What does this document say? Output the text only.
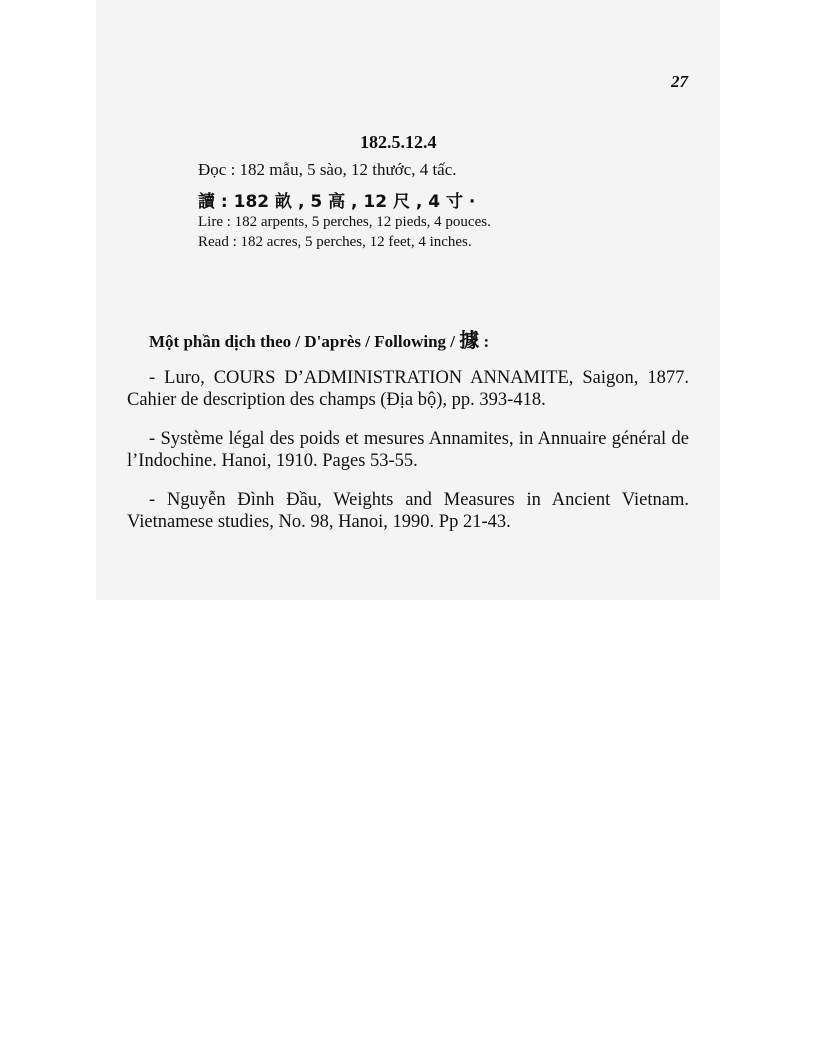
27
182.5.12.4
Đọc : 182 mẫu, 5 sào, 12 thước, 4 tấc.
讀 : 182 畝 , 5 高 , 12 尺 , 4 寸 ·
Lire : 182 arpents, 5 perches, 12 pieds, 4 pouces.
Read : 182 acres, 5 perches, 12 feet, 4 inches.
Một phần dịch theo / D'après / Following / 據 :

- Luro, COURS D’ADMINISTRATION ANNAMITE, Saigon, 1877. Cahier de description des champs (Địa bộ), pp. 393-418.

- Système légal des poids et mesures Annamites, in Annuaire général de l’Indochine. Hanoi, 1910. Pages 53-55.

- Nguyễn Đình Đầu, Weights and Measures in Ancient Vietnam. Vietnamese studies, No. 98, Hanoi, 1990. Pp 21-43.
